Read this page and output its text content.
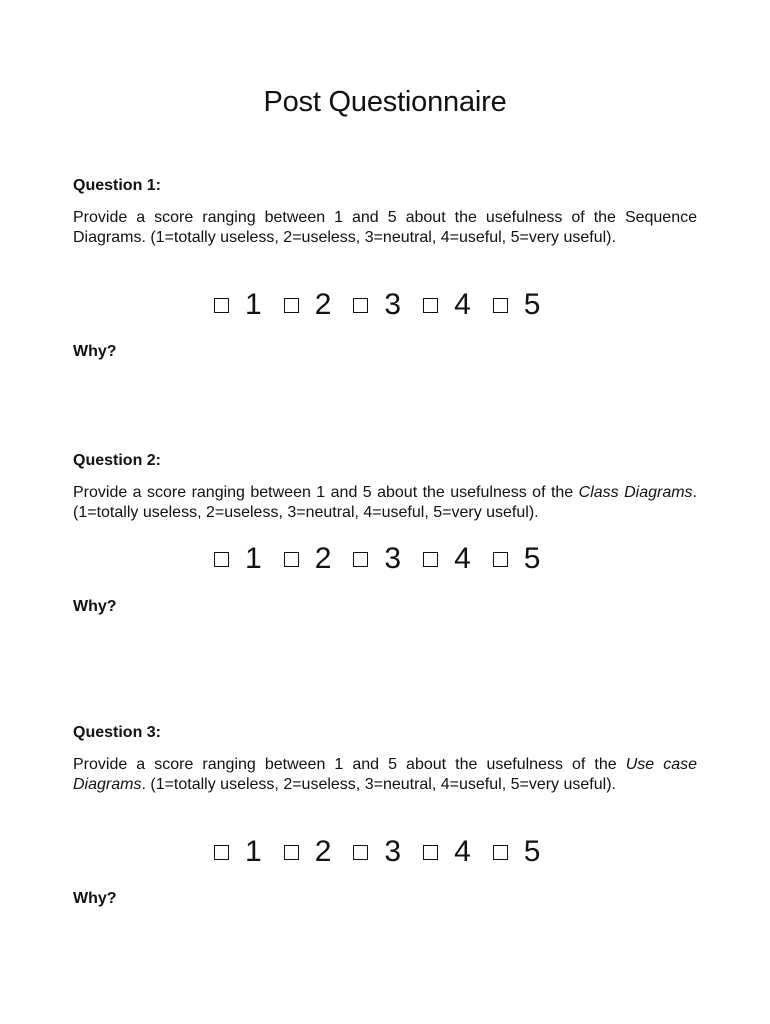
Post Questionnaire

Question 1:

Provide a score ranging between 1 and 5 about the usefulness of the Sequence Diagrams. (1=totally useless, 2=useless, 3=neutral, 4=useful, 5=very useful).

1 2 3 4 5

Why?

Question 2:

Provide a score ranging between 1 and 5 about the usefulness of the Class Diagrams. (1=totally useless, 2=useless, 3=neutral, 4=useful, 5=very useful).

1 2 3 4 5

Why?

Question 3:

Provide a score ranging between 1 and 5 about the usefulness of the Use case Diagrams. (1=totally useless, 2=useless, 3=neutral, 4=useful, 5=very useful).

1 2 3 4 5

Why?
